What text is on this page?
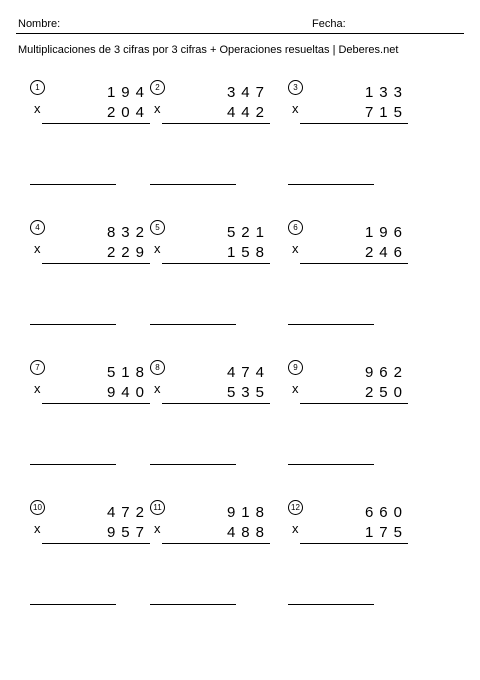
Nombre:	Fecha:
Multiplicaciones de 3 cifras por 3 cifras + Operaciones resueltas | Deberes.net
1	194
x	204
2	347
x	442
3	133
x	715
4	832
x	229
5	521
x	158
6	196
x	246
7	518
x	940
8	474
x	535
9	962
x	250
10	472
x	957
11	918
x	488
12	660
x	175
